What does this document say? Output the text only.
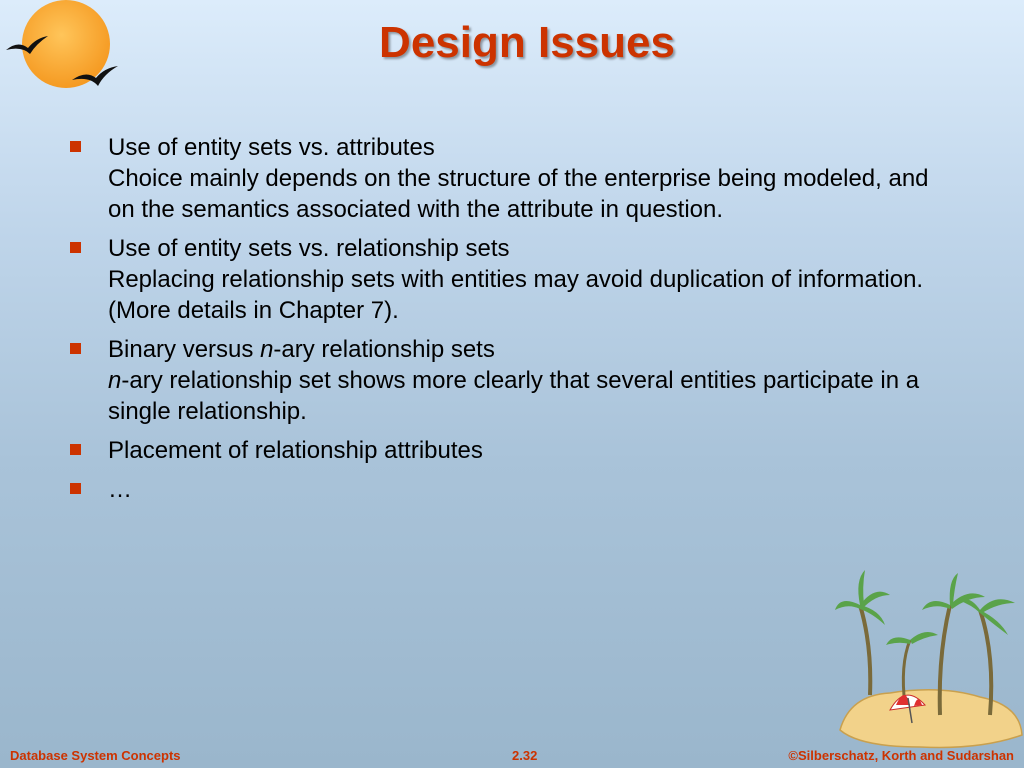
Design Issues
Use of entity sets vs. attributes
Choice mainly depends on the structure of the enterprise being modeled, and on the semantics associated with the attribute in question.
Use of entity sets vs. relationship sets
Replacing relationship sets with entities may avoid duplication of information. (More details in Chapter 7).
Binary versus n-ary relationship sets
n-ary relationship set shows more clearly that several entities participate in a single relationship.
Placement of relationship attributes
…
Database System Concepts	2.32	©Silberschatz, Korth and Sudarshan
